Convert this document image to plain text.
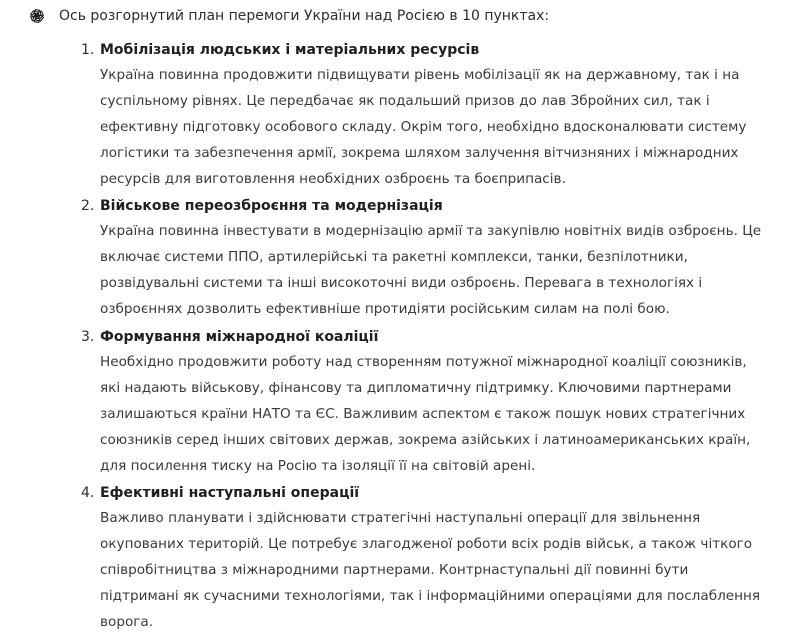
Ось розгорнутий план перемоги України над Росією в 10 пунктах:

1. Мобілізація людських і матеріальних ресурсів
Україна повинна продовжити підвищувати рівень мобілізації як на державному, так і на
суспільному рівнях. Це передбачає як подальший призов до лав Збройних сил, так і
ефективну підготовку особового складу. Окрім того, необхідно вдосконалювати систему
логістики та забезпечення армії, зокрема шляхом залучення вітчизняних і міжнародних
ресурсів для виготовлення необхідних озброєнь та боєприпасів.
2. Військове переозброєння та модернізація
Україна повинна інвестувати в модернізацію армії та закупівлю новітніх видів озброєнь. Це
включає системи ППО, артилерійські та ракетні комплекси, танки, безпілотники,
розвідувальні системи та інші високоточні види озброєнь. Перевага в технологіях і
озброєннях дозволить ефективніше протидіяти російським силам на полі бою.
3. Формування міжнародної коаліції
Необхідно продовжити роботу над створенням потужної міжнародної коаліції союзників,
які надають військову, фінансову та дипломатичну підтримку. Ключовими партнерами
залишаються країни НАТО та ЄС. Важливим аспектом є також пошук нових стратегічних
союзників серед інших світових держав, зокрема азійських і латиноамериканських країн,
для посилення тиску на Росію та ізоляції її на світовій арені.
4. Ефективні наступальні операції
Важливо планувати і здійснювати стратегічні наступальні операції для звільнення
окупованих територій. Це потребує злагодженої роботи всіх родів військ, а також чіткого
співробітництва з міжнародними партнерами. Контрнаступальні дії повинні бути
підтримані як сучасними технологіями, так і інформаційними операціями для послаблення
ворога.
